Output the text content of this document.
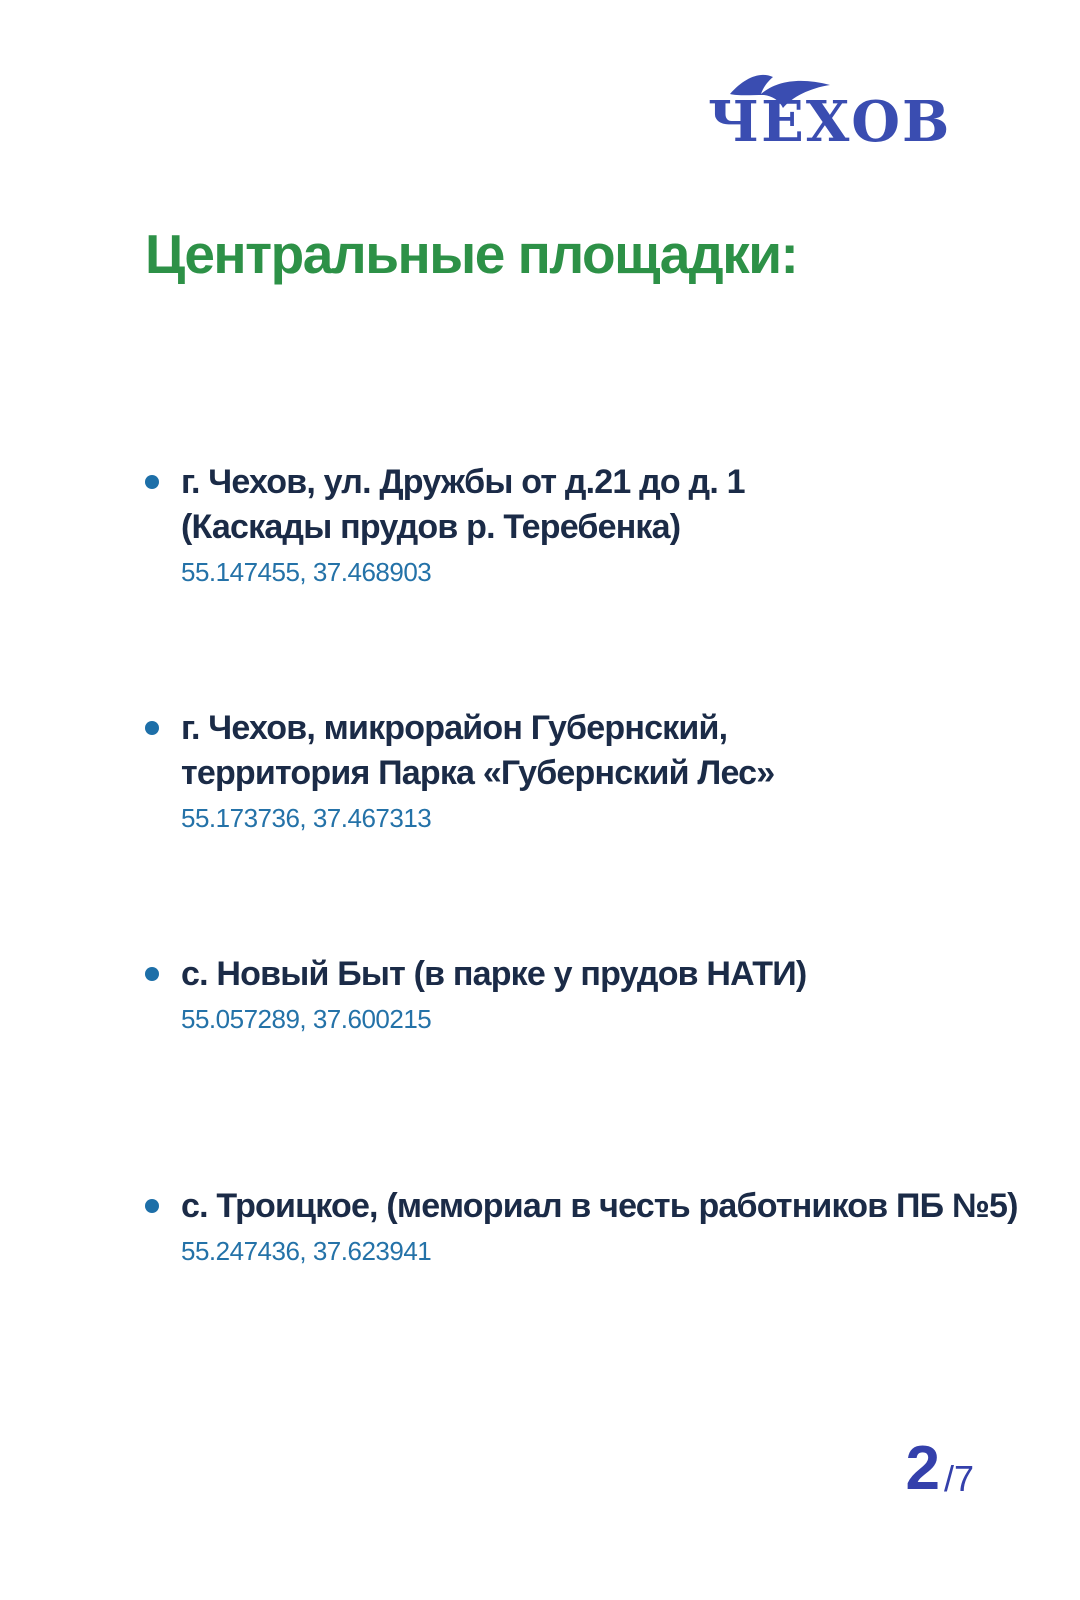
ЧЕХОВ
Центральные площадки:
г. Чехов, ул. Дружбы от д.21 до д. 1
(Каскады прудов р. Теребенка)
55.147455, 37.468903
г. Чехов, микрорайон Губернский,
территория Парка «Губернский Лес»
55.173736, 37.467313
с. Новый Быт (в парке у прудов НАТИ)
55.057289, 37.600215
с. Троицкое, (мемориал в честь работников ПБ №5)
55.247436, 37.623941
2 / 7
